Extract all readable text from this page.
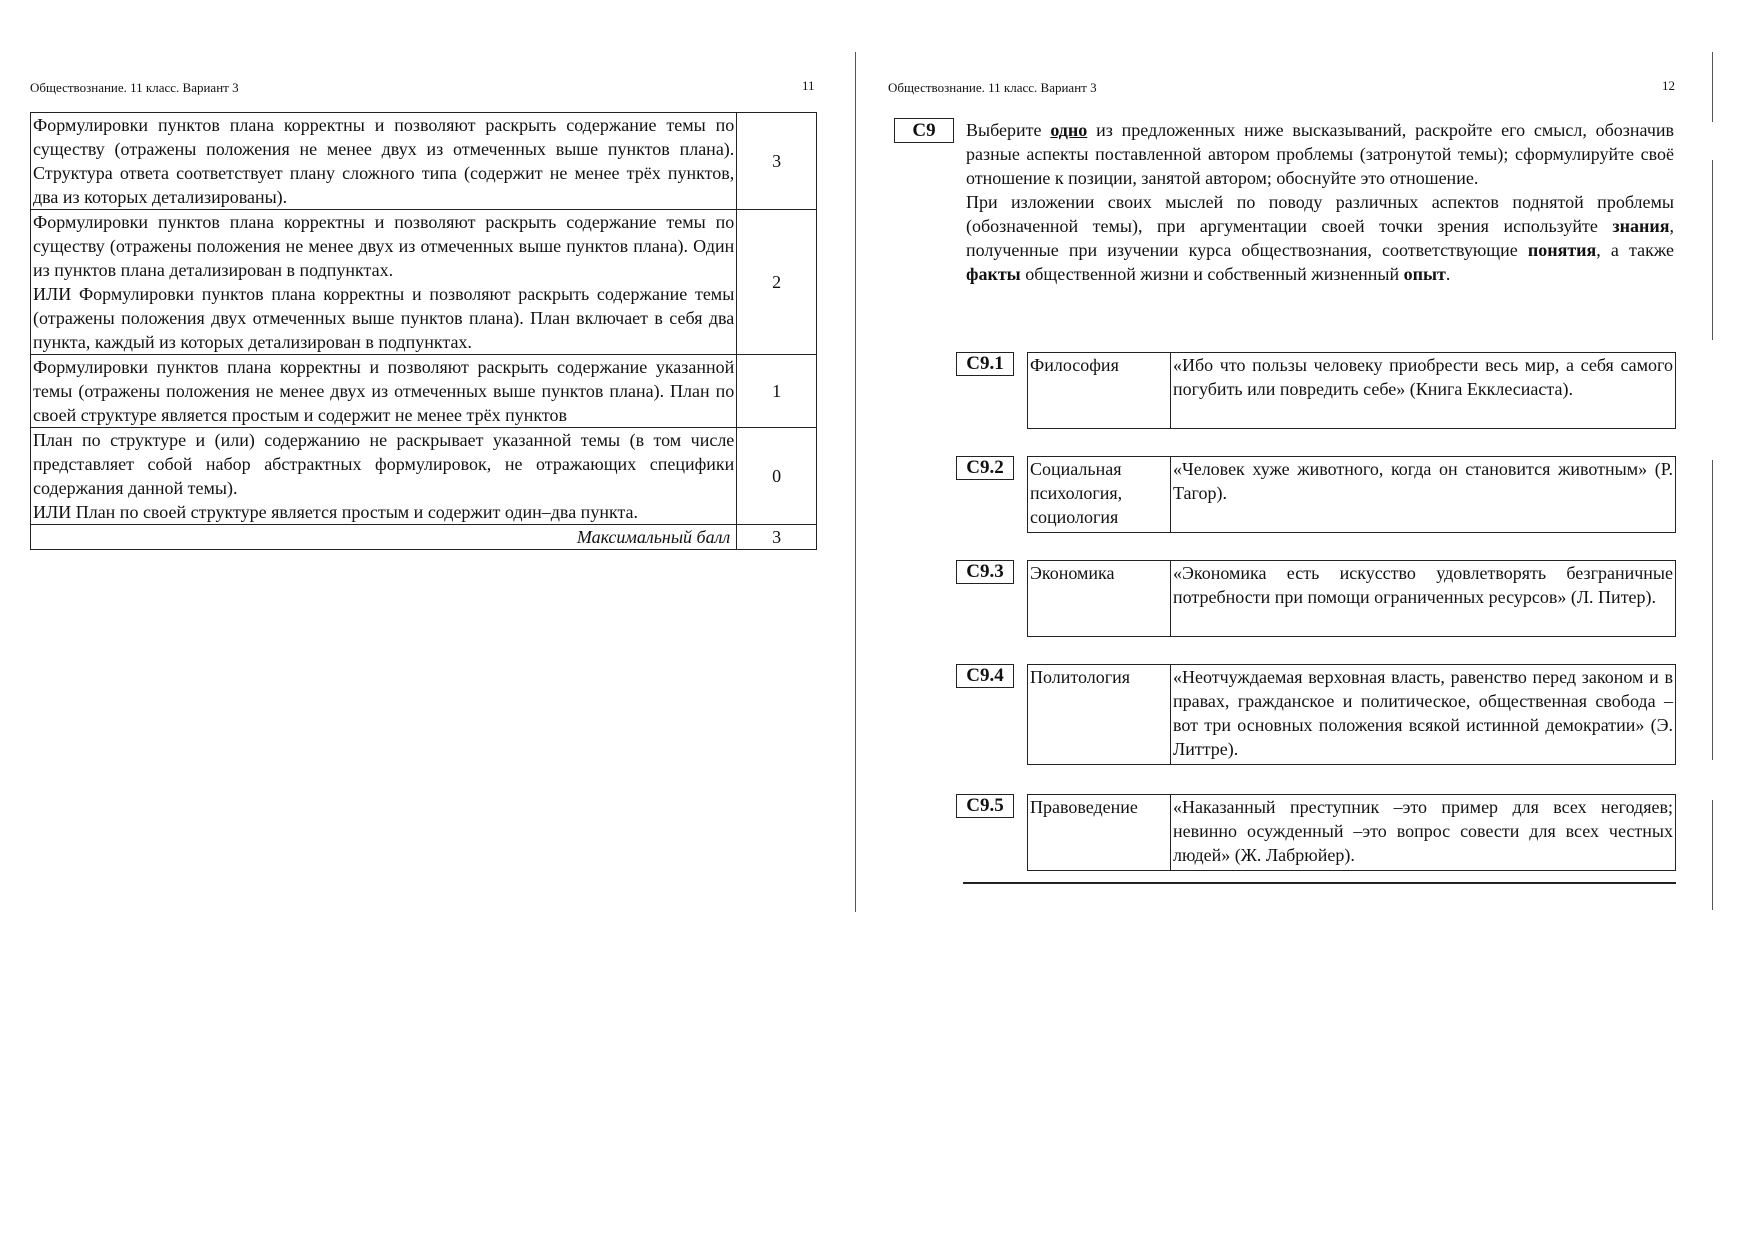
Обществознание. 11 класс. Вариант 3	11

Формулировки пунктов плана корректны и позволяют раскрыть содержание темы по существу (отражены положения не менее двух из отмеченных выше пунктов плана). Структура ответа соответствует плану сложного типа (содержит не менее трёх пунктов, два из которых детализированы).	3

Формулировки пунктов плана корректны и позволяют раскрыть содержание темы по существу (отражены положения не менее двух из отмеченных выше пунктов плана). Один из пунктов плана детализирован в подпунктах.

ИЛИ Формулировки пунктов плана корректны и позволяют раскрыть содержание темы (отражены положения двух отмеченных выше пунктов плана). План включает в себя два пункта, каждый из которых детализирован в подпунктах.	2

Формулировки пунктов плана корректны и позволяют раскрыть содержание указанной темы (отражены положения не менее двух из отмеченных выше пунктов плана). План по своей структуре является простым и содержит не менее трёх пунктов	1

План по структуре и (или) содержанию не раскрывает указанной темы (в том числе представляет собой набор абстрактных формулировок, не отражающих специфики содержания данной темы).

ИЛИ План по своей структуре является простым и содержит один–два пункта.	0
Максимальный балл	3
Обществознание. 11 класс. Вариант 3	12
С9	Выберите одно из предложенных ниже высказываний, раскройте его смысл, обозначив разные аспекты поставленной автором проблемы (затронутой темы); сформулируйте своё отношение к позиции, занятой автором; обоснуйте это отношение.

При изложении своих мыслей по поводу различных аспектов поднятой проблемы (обозначенной темы), при аргументации своей точки зрения используйте знания, полученные при изучении курса обществознания, соответствующие понятия, а также факты общественной жизни и собственный жизненный опыт.

С9.1	Философия	«Ибо что пользы человеку приобрести весь мир, а себя самого погубить или повредить себе» (Книга Екклесиаста).
С9.2	Социальная психология, социология	«Человек хуже животного, когда он становится животным» (Р. Тагор).
С9.3	Экономика	«Экономика есть искусство удовлетворять безграничные потребности при помощи ограниченных ресурсов» (Л. Питер).
С9.4	Политология	«Неотчуждаемая верховная власть, равенство перед законом и в правах, гражданское и политическое, общественная свобода – вот три основных положения всякой истинной демократии» (Э. Литтре).
С9.5	Правоведение	«Наказанный преступник –это пример для всех негодяев; невинно осужденный –это вопрос совести для всех честных людей» (Ж. Лабрюйер).
